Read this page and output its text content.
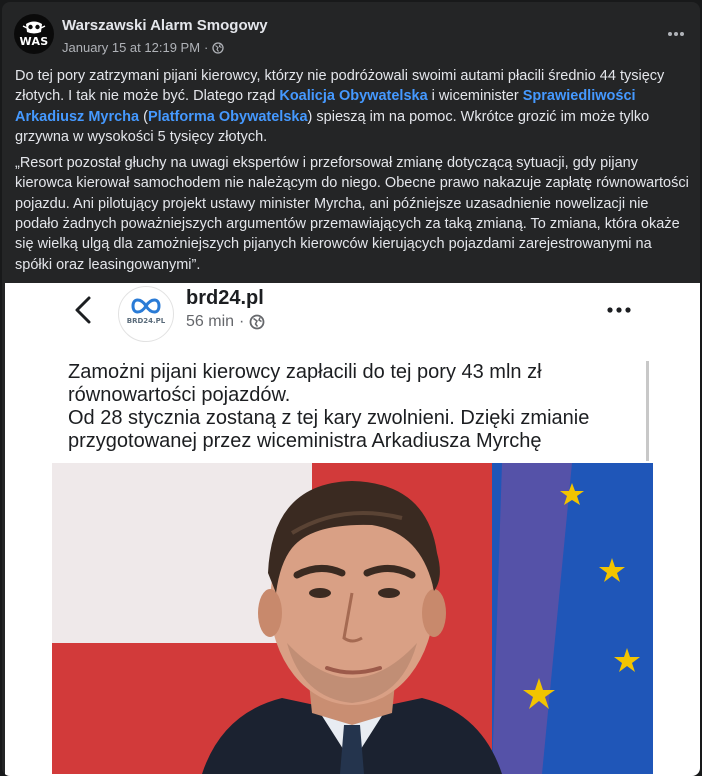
WAS
Warszawski Alarm Smogowy
January 15 at 12:19 PM ·

Do tej pory zatrzymani pijani kierowcy, którzy nie podróżowali swoimi autami płacili średnio 44 tysięcy złotych. I tak nie może być. Dlatego rząd Koalicja Obywatelska i wiceminister Sprawiedliwości Arkadiusz Myrcha (Platforma Obywatelska) spieszą im na pomoc. Wkrótce grozić im może tylko grzywna w wysokości 5 tysięcy złotych.

„Resort pozostał głuchy na uwagi ekspertów i przeforsował zmianę dotyczącą sytuacji, gdy pijany kierowca kierował samochodem nie należącym do niego. Obecne prawo nakazuje zapłatę równowartości pojazdu. Ani pilotujący projekt ustawy minister Myrcha, ani późniejsze uzasadnienie nowelizacji nie podało żadnych poważniejszych argumentów przemawiających za taką zmianą. To zmiana, która okaże się wielką ulgą dla zamożniejszych pijanych kierowców kierujących pojazdami zarejestrowanymi na spółki oraz leasingowanymi”.

BRD24.PL
brd24.pl
56 min ·
Zamożni pijani kierowcy zapłacili do tej pory 43 mln zł
równowartości pojazdów.
Od 28 stycznia zostaną z tej kary zwolnieni. Dzięki zmianie
przygotowanej przez wiceministra Arkadiusza Myrchę
